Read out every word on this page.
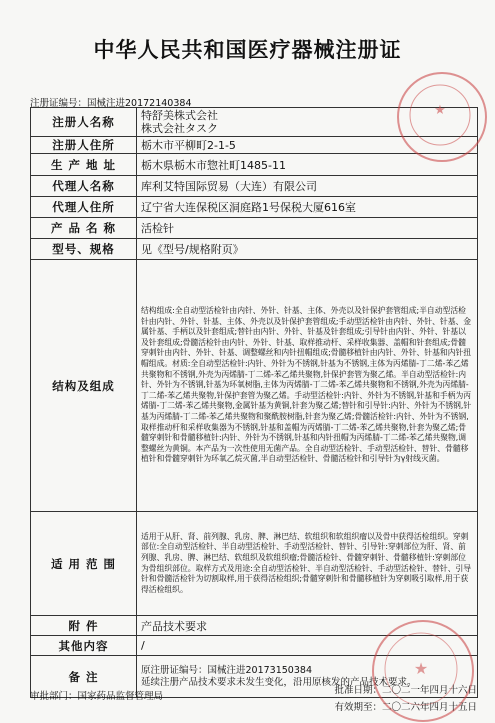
中华人民共和国医疗器械注册证
注册证编号：国械注进20172140384
注册人名称	特舒美株式会社
株式会社タスク

注册人住所	栃木市平柳町2-1-5
生 产 地 址	栃木県栃木市惣社町1485-11
代理人名称	库利艾特国际贸易（大连）有限公司
代理人住所	辽宁省大连保税区洞庭路1号保税大厦616室
产 品 名 称	活检针
型号、规格	见《型号/规格附页》
结构及组成	结构组成:全自动型活检针由内针、外针、针基、主体、外壳以及针保护套管组成;半自动型活检针由内针、外针、针基、主体、外壳以及针保护套管组成;手动型活检针由内针、外针、针基、金属针基、手柄以及针套组成;替针由内针、外针、针基及针套组成;引导针由内针、外针、针基以及针套组成;骨髓活检针由内针、外针、针基、取样推动杆、采样收集器、盖帽和针套组成;骨髓穿刺针由内针、外针、针基、调整螺丝和内针扭帽组成;骨髓移植针由内针、外针、针基和内针扭帽组成。材质:全自动型活检针:内针、外针为不锈钢,针基为不锈钢,主体为丙烯腈-丁二烯-苯乙烯共聚物和不锈钢,外壳为丙烯腈-丁二烯-苯乙烯共聚物,针保护套管为聚乙烯。半自动型活检针:内针、外针为不锈钢,针基为环氧树脂,主体为丙烯腈-丁二烯-苯乙烯共聚物和不锈钢,外壳为丙烯腈-丁二烯-苯乙烯共聚物,针保护套管为聚乙烯。手动型活检针:内针、外针为不锈钢,针基和手柄为丙烯腈-丁二烯-苯乙烯共聚物,金属针基为黄铜,针套为聚乙烯;替针和引导针:内针、外针为不锈钢,针基为丙烯腈-丁二烯-苯乙烯共聚物和聚酰胺树脂,针套为聚乙烯;骨髓活检针:内针、外针为不锈钢,取样推动杆和采样收集器为不锈钢,针基和盖帽为丙烯腈-丁二烯-苯乙烯共聚物,针套为聚乙烯;骨髓穿刺针和骨髓移植针:内针、外针为不锈钢,针基和内针扭帽为丙烯腈-丁二烯-苯乙烯共聚物,调整螺丝为黄铜。本产品为一次性使用无菌产品。全自动型活检针、手动型活检针、替针、骨髓移植针和骨髓穿刺针为环氧乙烷灭菌,半自动型活检针、骨髓活检针和引导针为γ射线灭菌。
适 用 范 围	适用于从肝、肾、前列腺、乳房、脾、淋巴结、软组织和软组织瘤以及骨中获得活检组织。穿刺部位:全自动型活检针、半自动型活检针、手动型活检针、替针、引导针:穿刺部位为肝、肾、前列腺、乳房、脾、淋巴结、软组织及软组织瘤;骨髓活检针、骨髓穿刺针、骨髓移植针:穿刺部位为骨组织部位。取样方式及用途:全自动型活检针、半自动型活检针、手动型活检针、替针、引导针和骨髓活检针为切割取样,用于获得活检组织;骨髓穿刺针和骨髓移植针为穿刺吸引取样,用于获得活检组织。
附 件	产品技术要求
其他内容	/
备 注	原注册证编号：国械注进20173150384
延续注册产品技术要求未发生变化，沿用原核发的产品技术要求。
★
★
审批部门：国家药品监督管理局
批准日期：二〇二一年四月十六日
有效期至：二〇二六年四月十五日
